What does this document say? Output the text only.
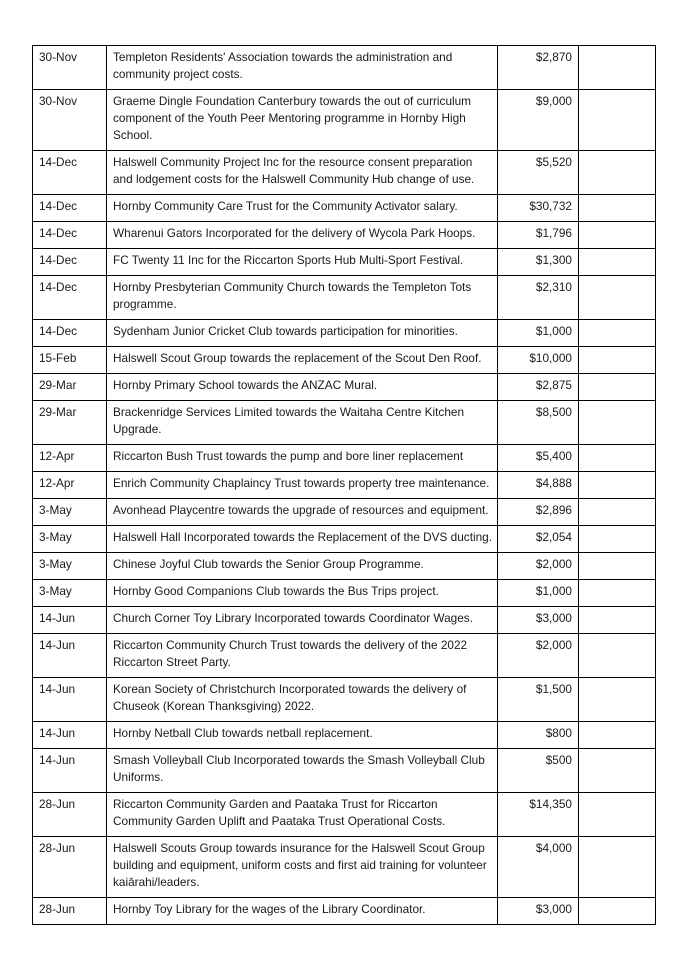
30-Nov	Templeton Residents' Association towards the administration and community project costs.	$2,870	
30-Nov	Graeme Dingle Foundation Canterbury towards the out of curriculum component of the Youth Peer Mentoring programme in Hornby High School.	$9,000	
14-Dec	Halswell Community Project Inc for the resource consent preparation and lodgement costs for the Halswell Community Hub change of use.	$5,520	
14-Dec	Hornby Community Care Trust for the Community Activator salary.	$30,732	
14-Dec	Wharenui Gators Incorporated for the delivery of Wycola Park Hoops.	$1,796	
14-Dec	FC Twenty 11 Inc for the Riccarton Sports Hub Multi-Sport Festival.	$1,300	
14-Dec	Hornby Presbyterian Community Church towards the Templeton Tots programme.	$2,310	
14-Dec	Sydenham Junior Cricket Club towards participation for minorities.	$1,000	
15-Feb	Halswell Scout Group towards the replacement of the Scout Den Roof.	$10,000	
29-Mar	Hornby Primary School towards the ANZAC Mural.	$2,875	
29-Mar	Brackenridge Services Limited towards the Waitaha Centre Kitchen Upgrade.	$8,500	
12-Apr	Riccarton Bush Trust towards the pump and bore liner replacement	$5,400	
12-Apr	Enrich Community Chaplaincy Trust towards property tree maintenance.	$4,888	
3-May	Avonhead Playcentre towards the upgrade of resources and equipment.	$2,896	
3-May	Halswell Hall Incorporated towards the Replacement of the DVS ducting.	$2,054	
3-May	Chinese Joyful Club towards the Senior Group Programme.	$2,000	
3-May	Hornby Good Companions Club towards the Bus Trips project.	$1,000	
14-Jun	Church Corner Toy Library Incorporated towards Coordinator Wages.	$3,000	
14-Jun	Riccarton Community Church Trust towards the delivery of the 2022 Riccarton Street Party.	$2,000	
14-Jun	Korean Society of Christchurch Incorporated towards the delivery of Chuseok (Korean Thanksgiving) 2022.	$1,500	
14-Jun	Hornby Netball Club towards netball replacement.	$800	
14-Jun	Smash Volleyball Club Incorporated towards the Smash Volleyball Club Uniforms.	$500	
28-Jun	Riccarton Community Garden and Paataka Trust for Riccarton Community Garden Uplift and Paataka Trust Operational Costs.	$14,350	
28-Jun	Halswell Scouts Group towards insurance for the Halswell Scout Group building and equipment, uniform costs and first aid training for volunteer kaiārahi/leaders.	$4,000	
28-Jun	Hornby Toy Library for the wages of the Library Coordinator.	$3,000	
